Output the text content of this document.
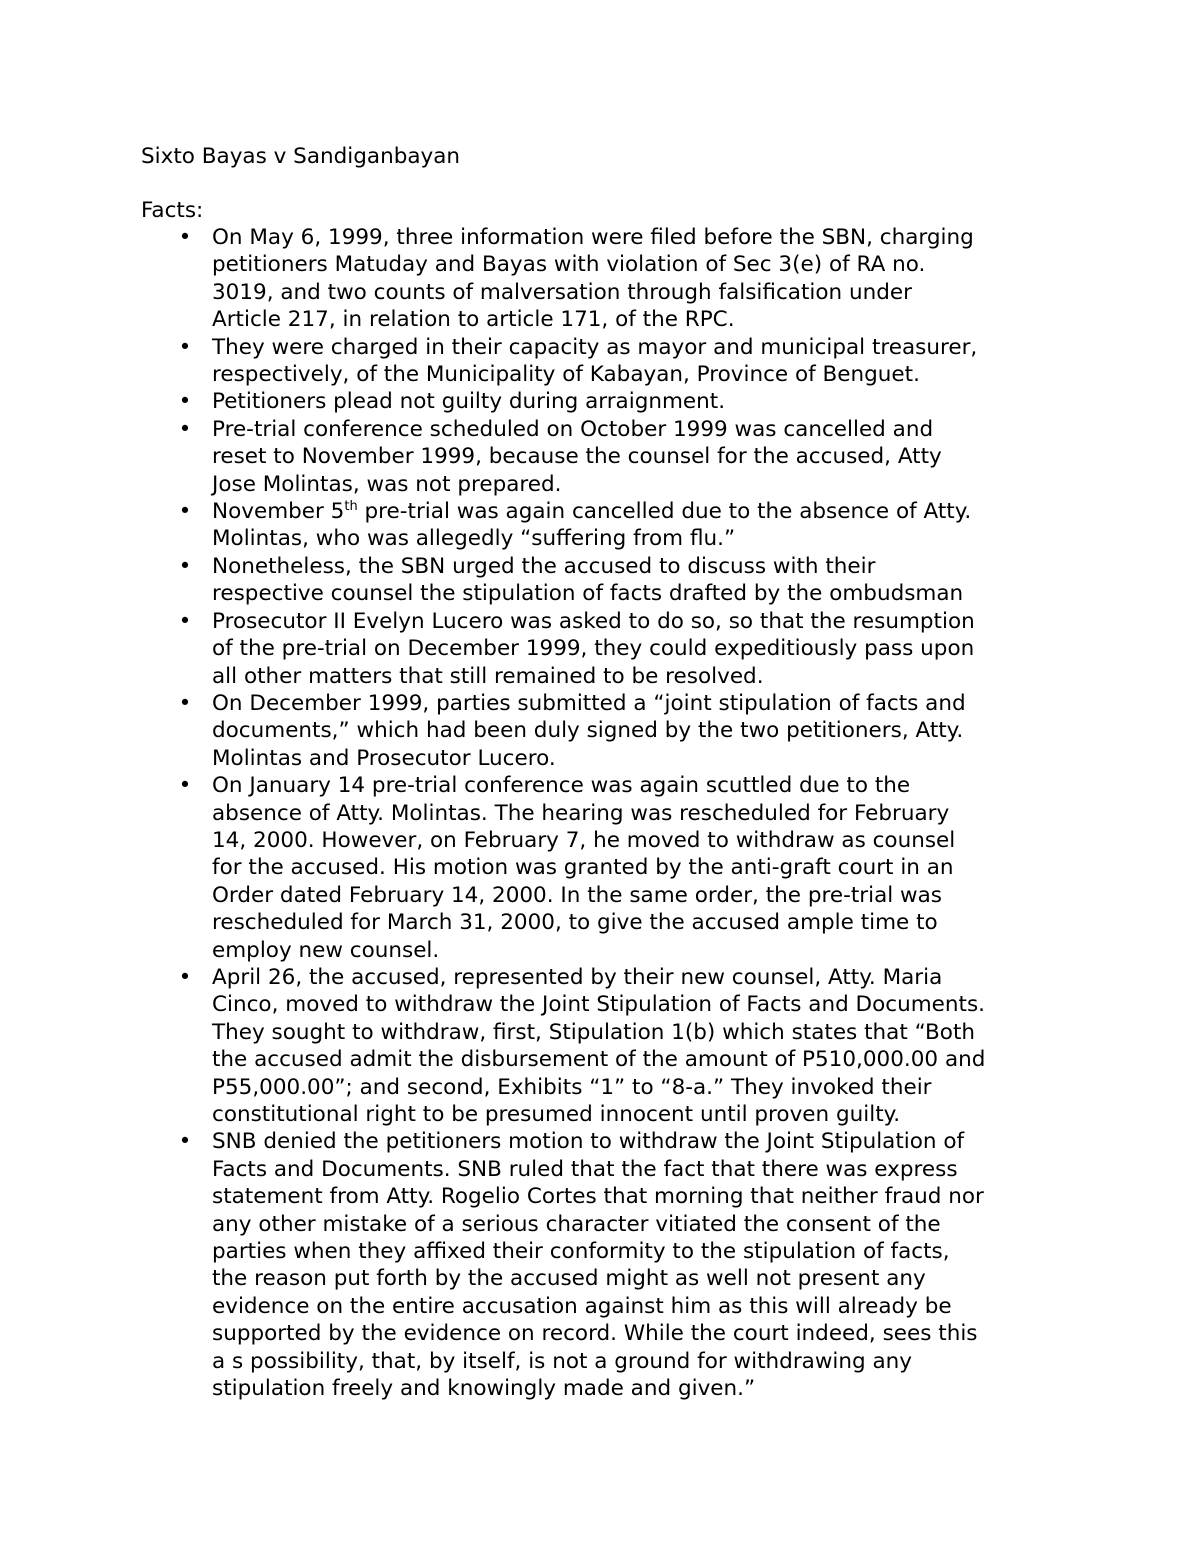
Sixto Bayas v Sandiganbayan
Facts:
• On May 6, 1999, three information were filed before the SBN, charging
petitioners Matuday and Bayas with violation of Sec 3(e) of RA no.
3019, and two counts of malversation through falsification under
Article 217, in relation to article 171, of the RPC.
• They were charged in their capacity as mayor and municipal treasurer,
respectively, of the Municipality of Kabayan, Province of Benguet.
• Petitioners plead not guilty during arraignment.
• Pre-trial conference scheduled on October 1999 was cancelled and
reset to November 1999, because the counsel for the accused, Atty
Jose Molintas, was not prepared.
• November 5th pre-trial was again cancelled due to the absence of Atty.
Molintas, who was allegedly “suffering from flu.”
• Nonetheless, the SBN urged the accused to discuss with their
respective counsel the stipulation of facts drafted by the ombudsman
• Prosecutor II Evelyn Lucero was asked to do so, so that the resumption
of the pre-trial on December 1999, they could expeditiously pass upon
all other matters that still remained to be resolved.
• On December 1999, parties submitted a “joint stipulation of facts and
documents,” which had been duly signed by the two petitioners, Atty.
Molintas and Prosecutor Lucero.
• On January 14 pre-trial conference was again scuttled due to the
absence of Atty. Molintas. The hearing was rescheduled for February
14, 2000. However, on February 7, he moved to withdraw as counsel
for the accused. His motion was granted by the anti-graft court in an
Order dated February 14, 2000. In the same order, the pre-trial was
rescheduled for March 31, 2000, to give the accused ample time to
employ new counsel.
• April 26, the accused, represented by their new counsel, Atty. Maria
Cinco, moved to withdraw the Joint Stipulation of Facts and Documents.
They sought to withdraw, first, Stipulation 1(b) which states that “Both
the accused admit the disbursement of the amount of P510,000.00 and
P55,000.00”; and second, Exhibits “1” to “8-a.” They invoked their
constitutional right to be presumed innocent until proven guilty.
• SNB denied the petitioners motion to withdraw the Joint Stipulation of
Facts and Documents. SNB ruled that the fact that there was express
statement from Atty. Rogelio Cortes that morning that neither fraud nor
any other mistake of a serious character vitiated the consent of the
parties when they affixed their conformity to the stipulation of facts,
the reason put forth by the accused might as well not present any
evidence on the entire accusation against him as this will already be
supported by the evidence on record. While the court indeed, sees this
a s possibility, that, by itself, is not a ground for withdrawing any
stipulation freely and knowingly made and given.”
